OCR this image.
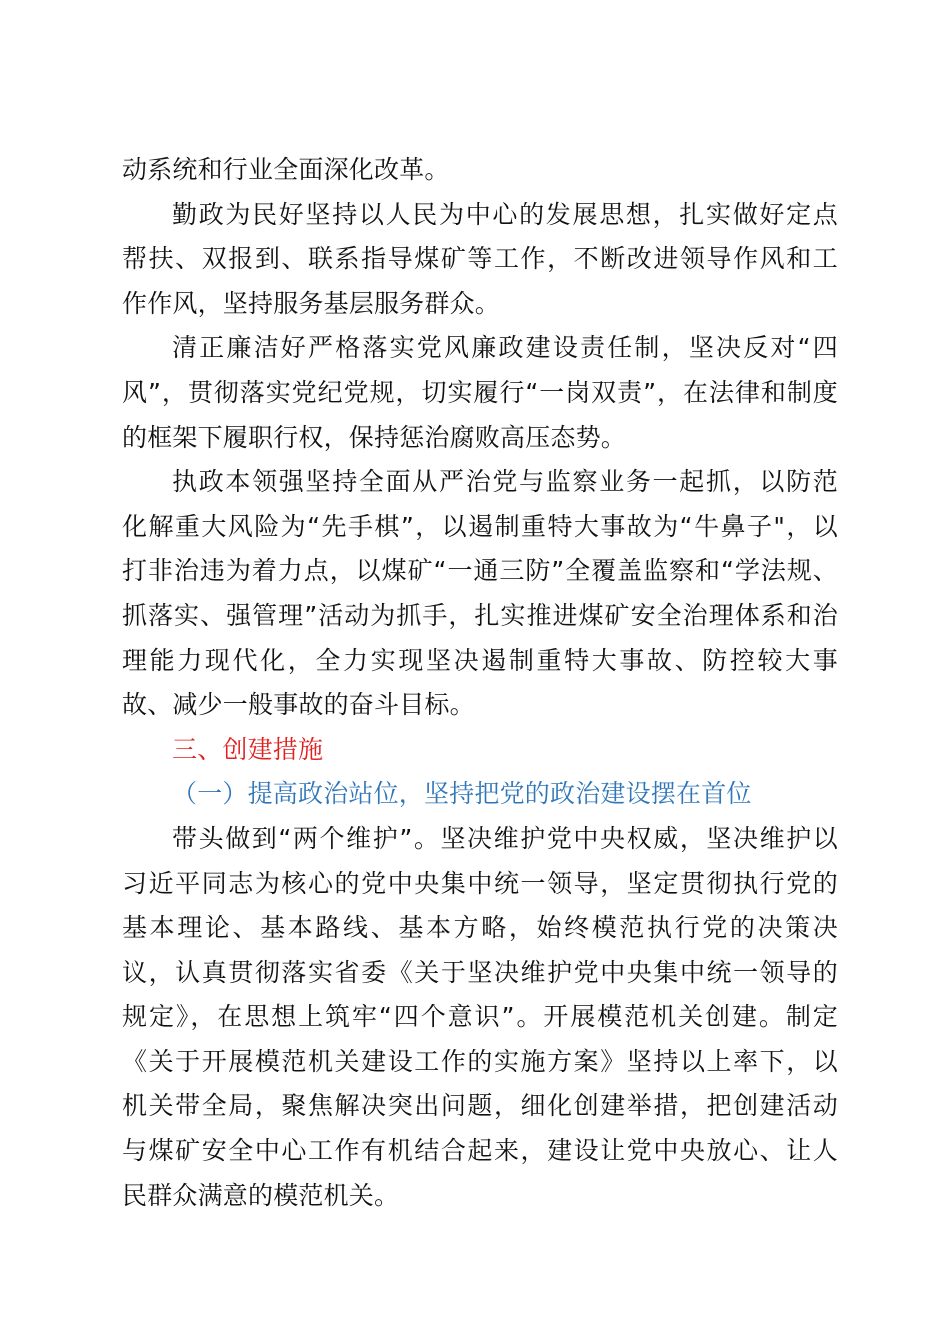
动系统和行业全面深化改革。
勤政为民好坚持以人民为中心的发展思想，扎实做好定点
帮扶、双报到、联系指导煤矿等工作，不断改进领导作风和工
作作风，坚持服务基层服务群众。
清正廉洁好严格落实党风廉政建设责任制，坚决反对“四
风”，贯彻落实党纪党规，切实履行“一岗双责”，在法律和制度
的框架下履职行权，保持惩治腐败高压态势。
执政本领强坚持全面从严治党与监察业务一起抓，以防范
化解重大风险为“先手棋”，以遏制重特大事故为“牛鼻子"，以
打非治违为着力点，以煤矿“一通三防”全覆盖监察和“学法规、
抓落实、强管理”活动为抓手，扎实推进煤矿安全治理体系和治
理能力现代化，全力实现坚决遏制重特大事故、防控较大事
故、减少一般事故的奋斗目标。
三、创建措施
（一）提高政治站位，坚持把党的政治建设摆在首位
带头做到“两个维护”。坚决维护党中央权威，坚决维护以
习近平同志为核心的党中央集中统一领导，坚定贯彻执行党的
基本理论、基本路线、基本方略，始终模范执行党的决策决
议，认真贯彻落实省委《关于坚决维护党中央集中统一领导的
规定》，在思想上筑牢“四个意识”。开展模范机关创建。制定
《关于开展模范机关建设工作的实施方案》坚持以上率下，以
机关带全局，聚焦解决突出问题，细化创建举措，把创建活动
与煤矿安全中心工作有机结合起来，建设让党中央放心、让人
民群众满意的模范机关。
